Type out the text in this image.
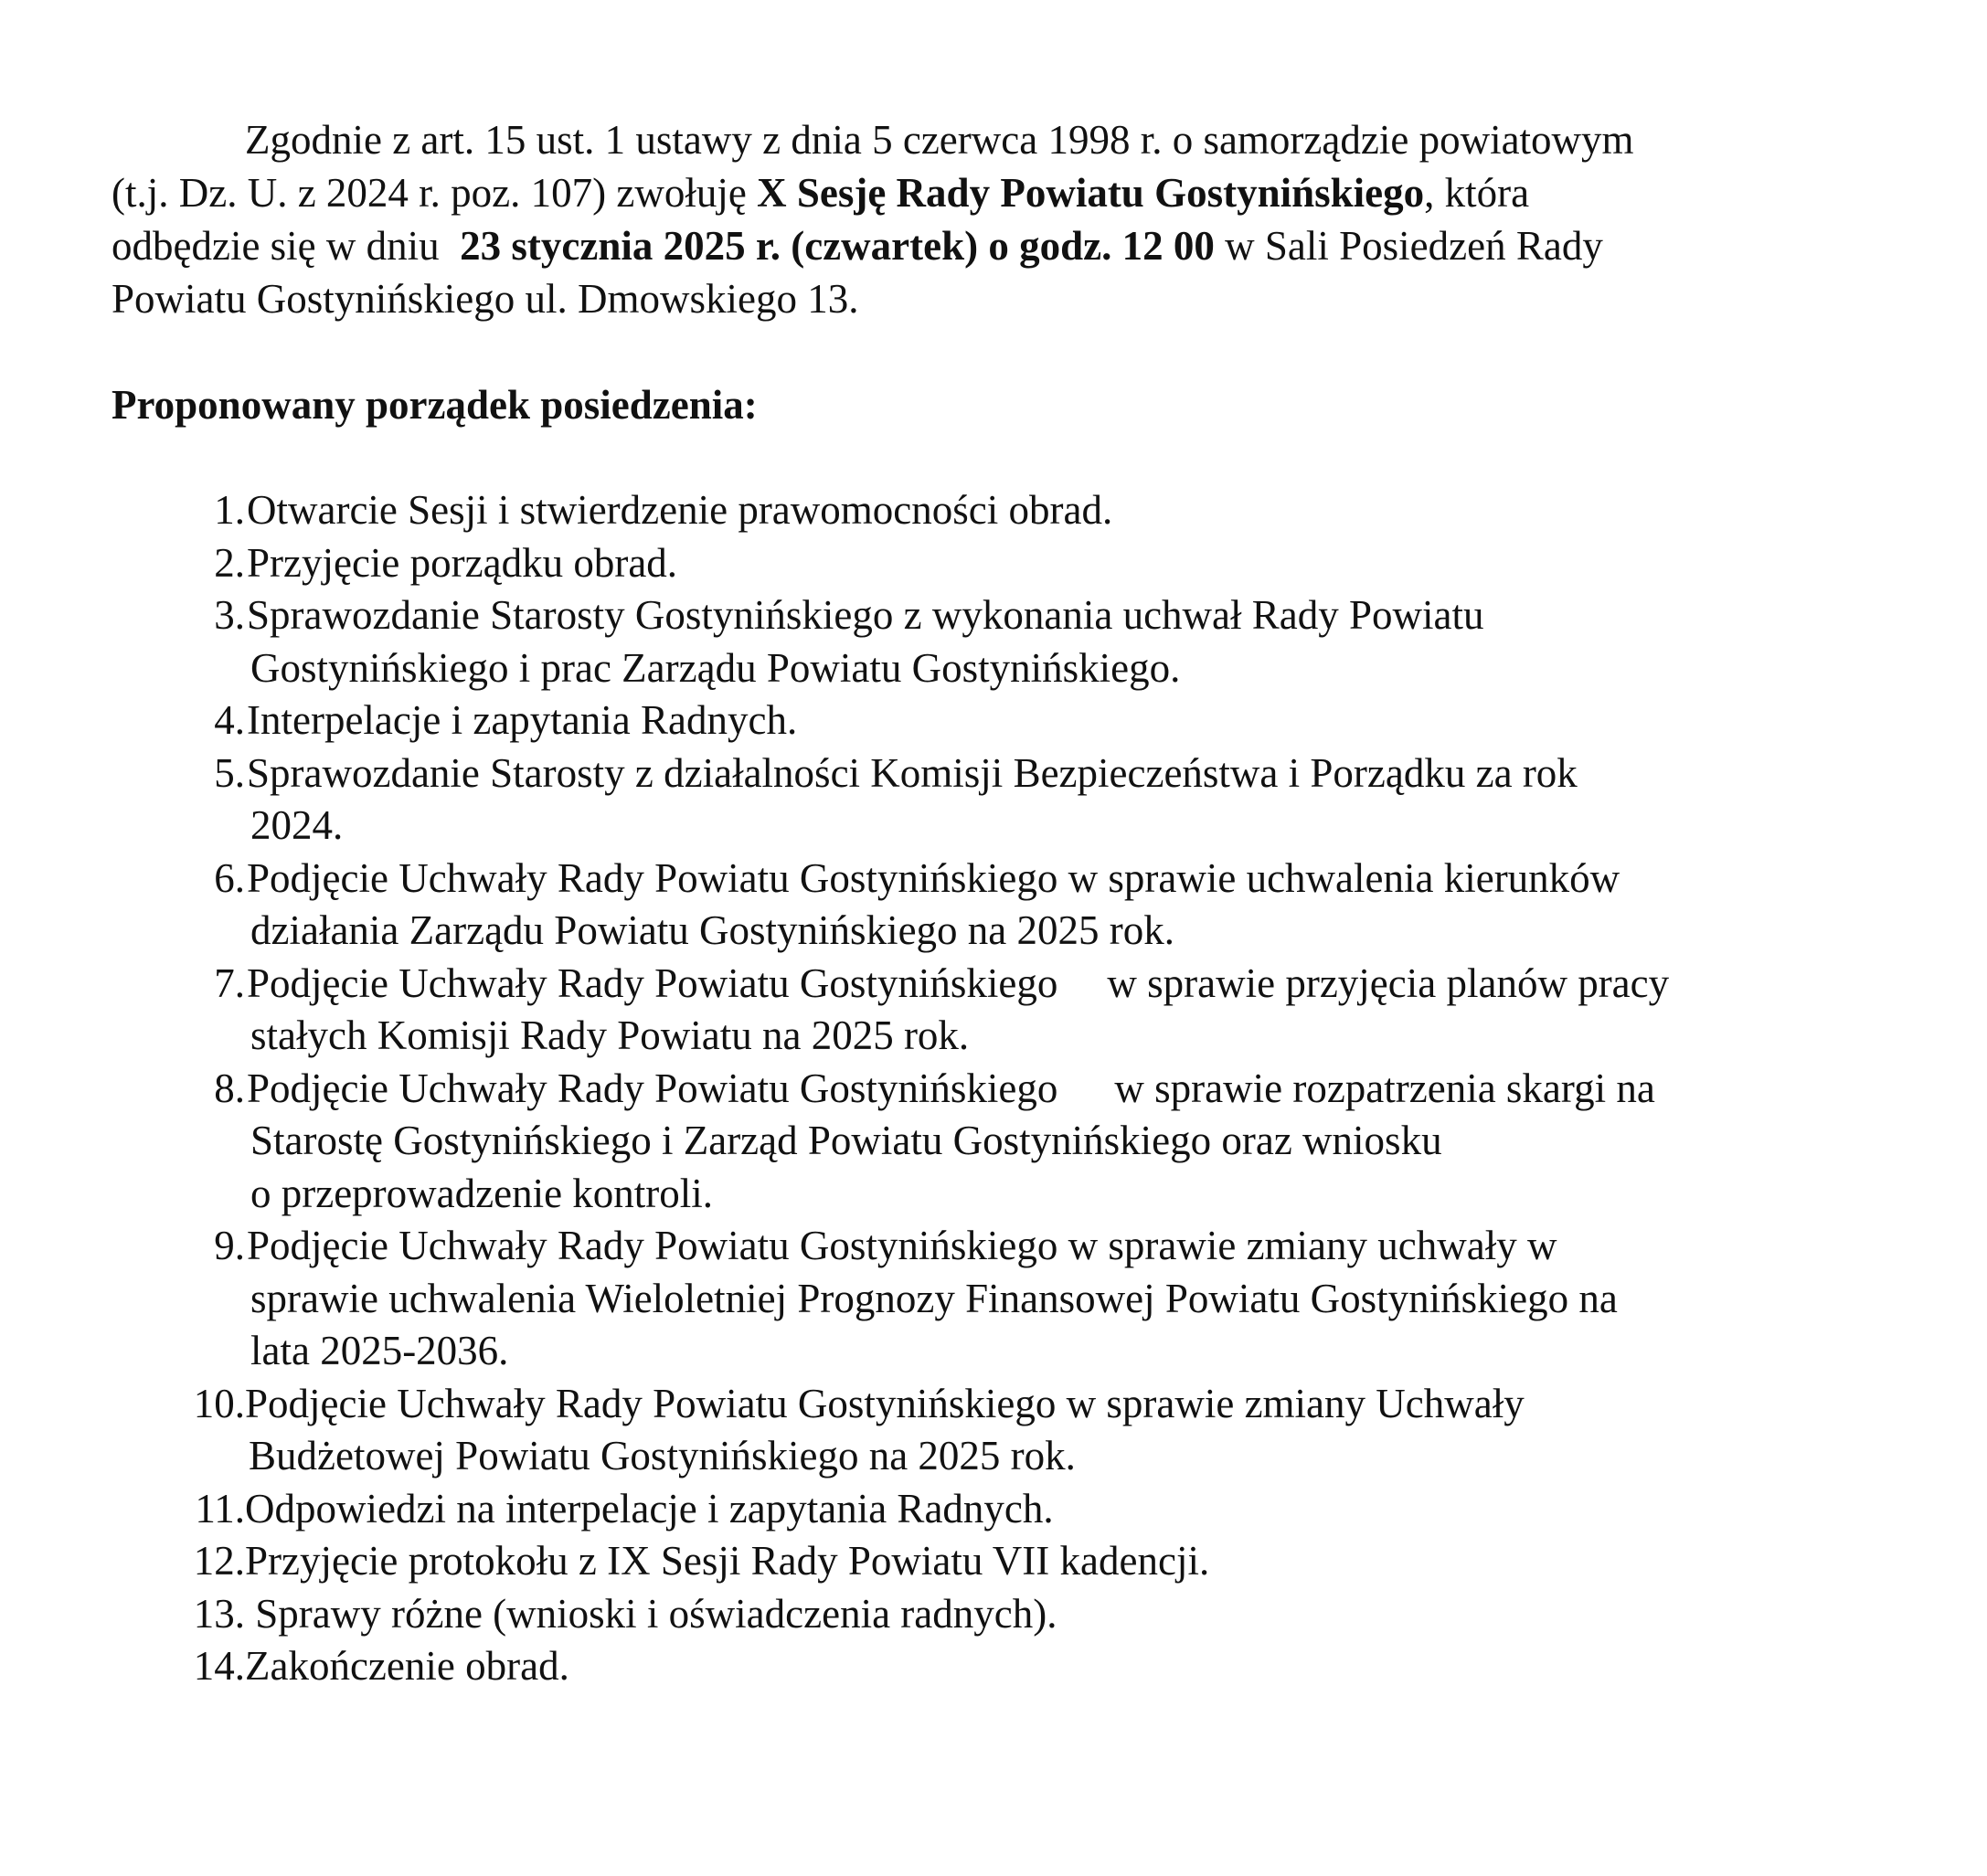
Zgodnie z art. 15 ust. 1 ustawy z dnia 5 czerwca 1998 r. o samorządzie powiatowym
(t.j. Dz. U. z 2024 r. poz. 107) zwołuję X Sesję Rady Powiatu Gostynińskiego, która
odbędzie się w dniu  23 stycznia 2025 r. (czwartek) o godz. 12 00 w Sali Posiedzeń Rady
Powiatu Gostynińskiego ul. Dmowskiego 13.

Proponowany porządek posiedzenia:
1. Otwarcie Sesji i stwierdzenie prawomocności obrad.
2. Przyjęcie porządku obrad.
3. Sprawozdanie Starosty Gostynińskiego z wykonania uchwał Rady Powiatu
Gostynińskiego i prac Zarządu Powiatu Gostynińskiego.
4. Interpelacje i zapytania Radnych.
5. Sprawozdanie Starosty z działalności Komisji Bezpieczeństwa i Porządku za rok
2024.
6. Podjęcie Uchwały Rady Powiatu Gostynińskiego w sprawie uchwalenia kierunków
działania Zarządu Powiatu Gostynińskiego na 2025 rok.
7. Podjęcie Uchwały Rady Powiatu Gostynińskiego w sprawie przyjęcia planów pracy
stałych Komisji Rady Powiatu na 2025 rok.
8. Podjęcie Uchwały Rady Powiatu Gostynińskiego w sprawie rozpatrzenia skargi na
Starostę Gostynińskiego i Zarząd Powiatu Gostynińskiego oraz wniosku
o przeprowadzenie kontroli.
9. Podjęcie Uchwały Rady Powiatu Gostynińskiego w sprawie zmiany uchwały w
sprawie uchwalenia Wieloletniej Prognozy Finansowej Powiatu Gostynińskiego na
lata 2025-2036.
10. Podjęcie Uchwały Rady Powiatu Gostynińskiego w sprawie zmiany Uchwały
Budżetowej Powiatu Gostynińskiego na 2025 rok.
11. Odpowiedzi na interpelacje i zapytania Radnych.
12. Przyjęcie protokołu z IX Sesji Rady Powiatu VII kadencji.
13. Sprawy różne (wnioski i oświadczenia radnych).
14. Zakończenie obrad.
